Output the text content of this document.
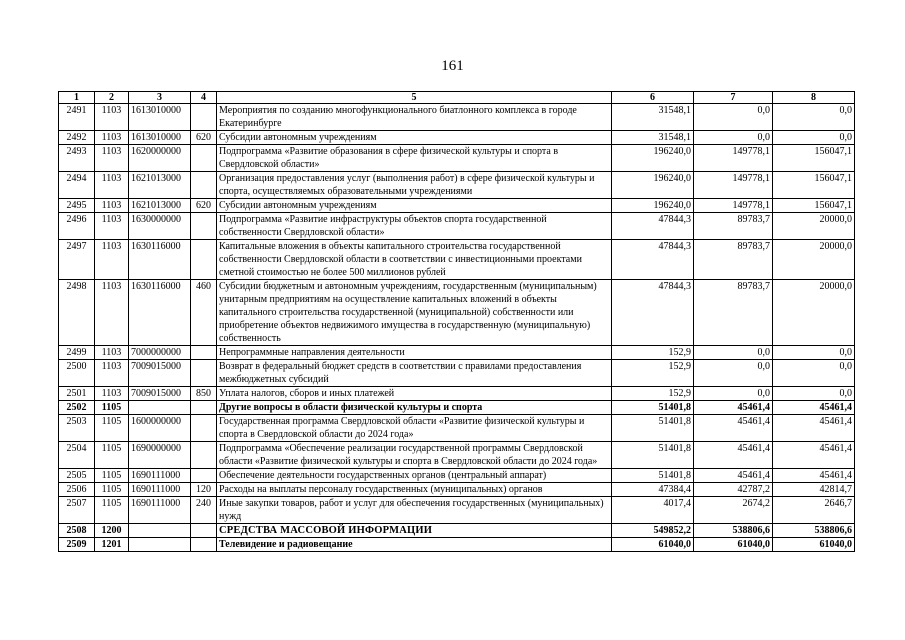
161
1	2	3	4	5	6	7	8
2491	1103	1613010000		Мероприятия по созданию многофункционального биатлонного комплекса в городе Екатеринбурге	31548,1	0,0	0,0
2492	1103	1613010000	620	Субсидии автономным учреждениям	31548,1	0,0	0,0
2493	1103	1620000000		Подпрограмма «Развитие образования в сфере физической культуры и спорта в Свердловской области»	196240,0	149778,1	156047,1
2494	1103	1621013000		Организация предоставления услуг (выполнения работ) в сфере физической культуры и спорта, осуществляемых образовательными учреждениями	196240,0	149778,1	156047,1
2495	1103	1621013000	620	Субсидии автономным учреждениям	196240,0	149778,1	156047,1
2496	1103	1630000000		Подпрограмма «Развитие инфраструктуры объектов спорта государственной собственности Свердловской области»	47844,3	89783,7	20000,0
2497	1103	1630116000		Капитальные вложения в объекты капитального строительства государственной собственности Свердловской области в соответствии с инвестиционными проектами сметной стоимостью не более 500 миллионов рублей	47844,3	89783,7	20000,0
2498	1103	1630116000	460	Субсидии бюджетным и автономным учреждениям, государственным (муниципальным) унитарным предприятиям на осуществление капитальных вложений в объекты капитального строительства государственной (муниципальной) собственности или приобретение объектов недвижимого имущества в государственную (муниципальную) собственность	47844,3	89783,7	20000,0
2499	1103	7000000000		Непрограммные направления деятельности	152,9	0,0	0,0
2500	1103	7009015000		Возврат в федеральный бюджет средств в соответствии с правилами предоставления межбюджетных субсидий	152,9	0,0	0,0
2501	1103	7009015000	850	Уплата налогов, сборов и иных платежей	152,9	0,0	0,0
2502	1105			Другие вопросы в области физической культуры и спорта	51401,8	45461,4	45461,4
2503	1105	1600000000		Государственная программа Свердловской области «Развитие физической культуры и спорта в Свердловской области до 2024 года»	51401,8	45461,4	45461,4
2504	1105	1690000000		Подпрограмма «Обеспечение реализации государственной программы Свердловской области «Развитие физической культуры и спорта в Свердловской области до 2024 года»	51401,8	45461,4	45461,4
2505	1105	1690111000		Обеспечение деятельности государственных органов (центральный аппарат)	51401,8	45461,4	45461,4
2506	1105	1690111000	120	Расходы на выплаты персоналу государственных (муниципальных) органов	47384,4	42787,2	42814,7
2507	1105	1690111000	240	Иные закупки товаров, работ и услуг для обеспечения государственных (муниципальных) нужд	4017,4	2674,2	2646,7
2508	1200			СРЕДСТВА МАССОВОЙ ИНФОРМАЦИИ	549852,2	538806,6	538806,6
2509	1201			Телевидение и радиовещание	61040,0	61040,0	61040,0
